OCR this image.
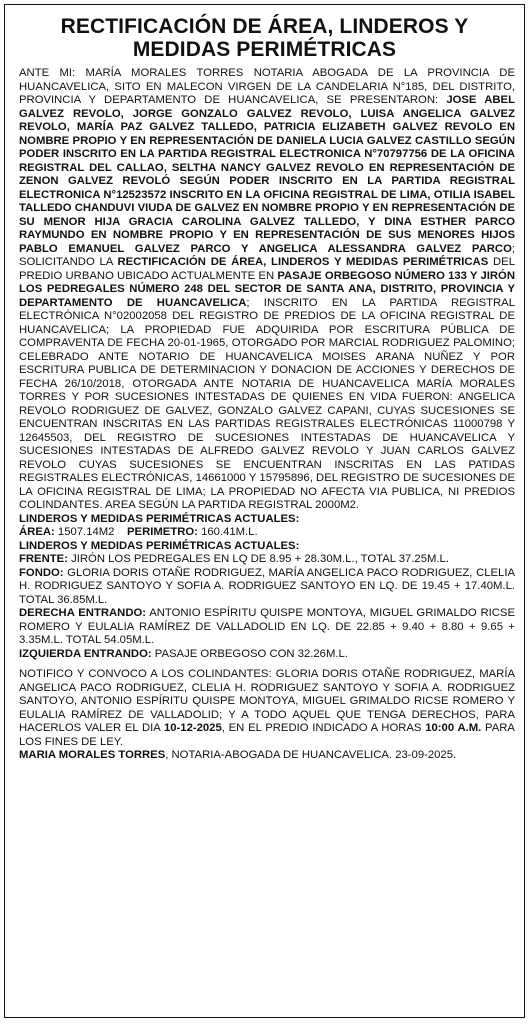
RECTIFICACIÓN DE ÁREA, LINDEROS Y MEDIDAS PERIMÉTRICAS

ANTE MI: MARÍA MORALES TORRES NOTARIA ABOGADA DE LA PROVINCIA DE HUANCAVELICA, SITO EN MALECON VIRGEN DE LA CANDELARIA N°185, DEL DISTRITO, PROVINCIA Y DEPARTAMENTO DE HUANCAVELICA, SE PRESENTARON: JOSE ABEL GALVEZ REVOLO, JORGE GONZALO GALVEZ REVOLO, LUISA ANGELICA GALVEZ REVOLO, MARÍA PAZ GALVEZ TALLEDO, PATRICIA ELIZABETH GALVEZ REVOLO EN NOMBRE PROPIO Y EN REPRESENTACIÓN DE DANIELA LUCIA GALVEZ CASTILLO SEGÚN PODER INSCRITO EN LA PARTIDA REGISTRAL ELECTRONICA N°70797756 DE LA OFICINA REGISTRAL DEL CALLAO, SELTHA NANCY GALVEZ REVOLO EN REPRESENTACIÓN DE ZENON GALVEZ REVOLÓ SEGÚN PODER INSCRITO EN LA PARTIDA REGISTRAL ELECTRONICA N°12523572 INSCRITO EN LA OFICINA REGISTRAL DE LIMA, OTILIA ISABEL TALLEDO CHANDUVI VIUDA DE GALVEZ EN NOMBRE PROPIO Y EN REPRESENTACIÓN DE SU MENOR HIJA GRACIA CAROLINA GALVEZ TALLEDO, Y DINA ESTHER PARCO RAYMUNDO EN NOMBRE PROPIO Y EN REPRESENTACIÓN DE SUS MENORES HIJOS PABLO EMANUEL GALVEZ PARCO Y ANGELICA ALESSANDRA GALVEZ PARCO; SOLICITANDO LA RECTIFICACIÓN DE ÁREA, LINDEROS Y MEDIDAS PERIMÉTRICAS DEL PREDIO URBANO UBICADO ACTUALMENTE EN PASAJE ORBEGOSO NÚMERO 133 Y JIRÓN LOS PEDREGALES NÚMERO 248 DEL SECTOR DE SANTA ANA, DISTRITO, PROVINCIA Y DEPARTAMENTO DE HUANCAVELICA; INSCRITO EN LA PARTIDA REGISTRAL ELECTRÓNICA N°02002058 DEL REGISTRO DE PREDIOS DE LA OFICINA REGISTRAL DE HUANCAVELICA; LA PROPIEDAD FUE ADQUIRIDA POR ESCRITURA PÚBLICA DE COMPRAVENTA DE FECHA 20-01-1965, OTORGADO POR MARCIAL RODRIGUEZ PALOMINO; CELEBRADO ANTE NOTARIO DE HUANCAVELICA MOISES ARANA NUÑEZ Y POR ESCRITURA PUBLICA DE DETERMINACION Y DONACION DE ACCIONES Y DERECHOS DE FECHA 26/10/2018, OTORGADA ANTE NOTARIA DE HUANCAVELICA MARÍA MORALES TORRES Y POR SUCESIONES INTESTADAS DE QUIENES EN VIDA FUERON: ANGELICA REVOLO RODRIGUEZ DE GALVEZ, GONZALO GALVEZ CAPANI, CUYAS SUCESIONES SE ENCUENTRAN INSCRITAS EN LAS PARTIDAS REGISTRALES ELECTRÓNICAS 11000798 Y 12645503, DEL REGISTRO DE SUCESIONES INTESTADAS DE HUANCAVELICA Y SUCESIONES INTESTADAS DE ALFREDO GALVEZ REVOLO Y JUAN CARLOS GALVEZ REVOLO CUYAS SUCESIONES SE ENCUENTRAN INSCRITAS EN LAS PATIDAS REGISTRALES ELECTRÓNICAS, 14661000 Y 15795896, DEL REGISTRO DE SUCESIONES DE LA OFICINA REGISTRAL DE LIMA; LA PROPIEDAD NO AFECTA VIA PUBLICA, NI PREDIOS COLINDANTES. AREA SEGÚN LA PARTIDA REGISTRAL 2000M2.

LINDEROS Y MEDIDAS PERIMÉTRICAS ACTUALES:

ÁREA: 1507.14M2 PERIMETRO: 160.41M.L.

LINDEROS Y MEDIDAS PERIMÉTRICAS ACTUALES:

FRENTE: JIRÓN LOS PEDREGALES EN LQ DE 8.95 + 28.30M.L., TOTAL 37.25M.L.

FONDO: GLORIA DORIS OTAÑE RODRIGUEZ, MARÍA ANGELICA PACO RODRIGUEZ, CLELIA H. RODRIGUEZ SANTOYO Y SOFIA A. RODRIGUEZ SANTOYO EN LQ. DE 19.45 + 17.40M.L. TOTAL 36.85M.L.

DERECHA ENTRANDO: ANTONIO ESPÍRITU QUISPE MONTOYA, MIGUEL GRIMALDO RICSE ROMERO Y EULALIA RAMÍREZ DE VALLADOLID EN LQ. DE 22.85 + 9.40 + 8.80 + 9.65 + 3.35M.L. TOTAL 54.05M.L.

IZQUIERDA ENTRANDO: PASAJE ORBEGOSO CON 32.26M.L.

NOTIFICO Y CONVOCO A LOS COLINDANTES: GLORIA DORIS OTAÑE RODRIGUEZ, MARÍA ANGELICA PACO RODRIGUEZ, CLELIA H. RODRIGUEZ SANTOYO Y SOFIA A. RODRIGUEZ SANTOYO, ANTONIO ESPÍRITU QUISPE MONTOYA, MIGUEL GRIMALDO RICSE ROMERO Y EULALIA RAMÍREZ DE VALLADOLID; Y A TODO AQUEL QUE TENGA DERECHOS, PARA HACERLOS VALER EL DIA 10-12-2025, EN EL PREDIO INDICADO A HORAS 10:00 A.M. PARA LOS FINES DE LEY.

MARIA MORALES TORRES, NOTARIA-ABOGADA DE HUANCAVELICA. 23-09-2025.
